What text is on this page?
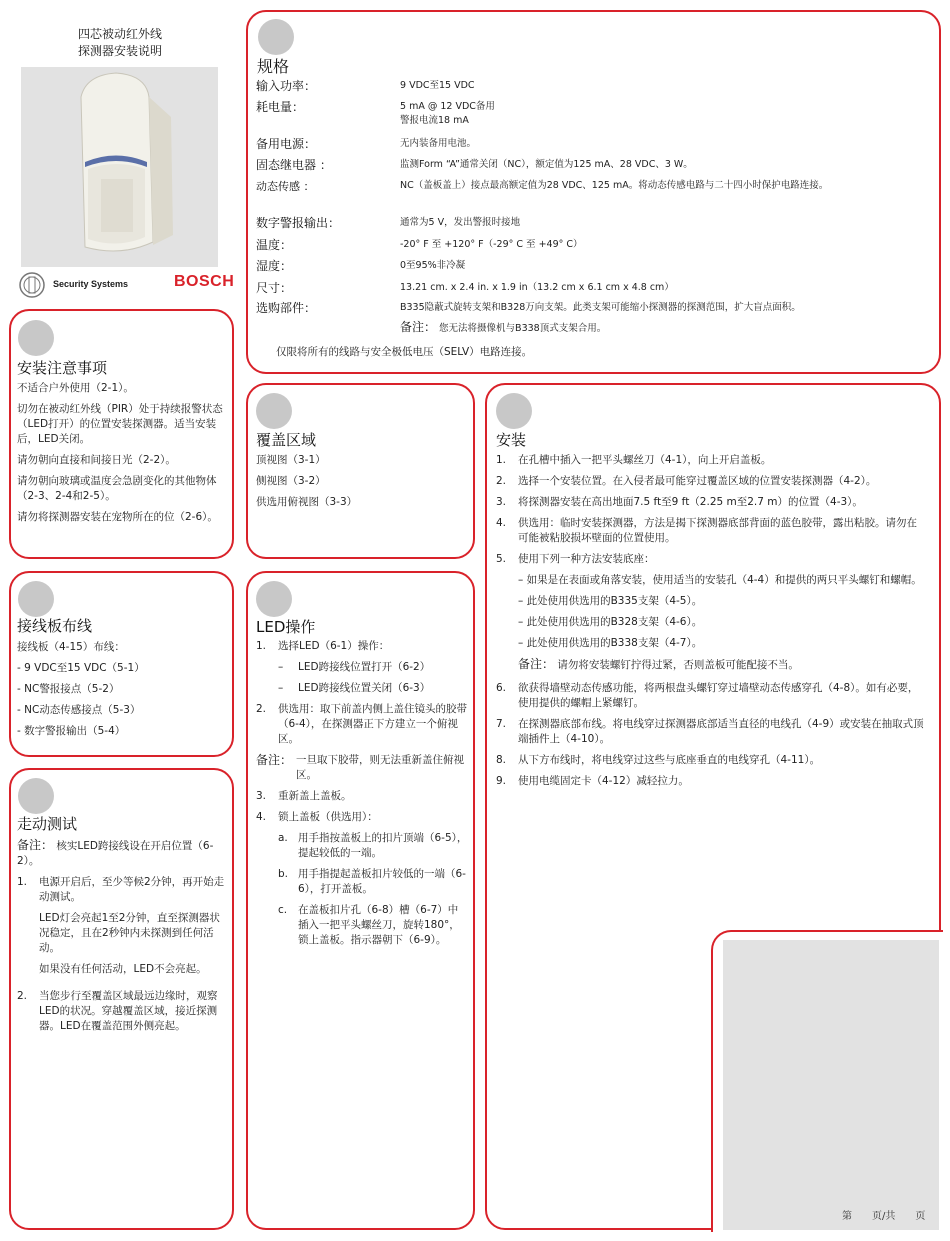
四芯被动红外线
探测器安装说明
Security Systems	BOSCH
规格
输入功率：	9 VDC至15 VDC
耗电量：	5 mA @ 12 VDC备用
警报电流18 mA
备用电源：	无内装备用电池。
固态继电器 ：	监测Form “A”通常关闭（NC），额定值为125 mA、28 VDC、3 W。
动态传感 ：	NC（盖板盖上）接点最高额定值为28 VDC、125 mA。将动态传感电路与二十四小时保护电路连接。
数字警报输出：	通常为5 V，发出警报时接地
温度：	-20° F 至 +120° F（-29° C 至 +49° C）
湿度：	0至95%非冷凝
尺寸：	13.21 cm. x 2.4 in. x 1.9 in（13.2 cm x 6.1 cm x 4.8 cm）
选购部件：	B335隐蔽式旋转支架和B328万向支架。此类支架可能缩小探测器的探测范围，扩大盲点面积。
备注： 您无法将摄像机与B338顶式支架合用。
仅限将所有的线路与安全极低电压（SELV）电路连接。
安装注意事项

不适合户外使用（2-1）。

切勿在被动红外线（PIR）处于持续报警状态（LED打开）的位置安装探测器。适当安装后，LED关闭。

请勿朝向直接和间接日光（2-2）。

请勿朝向玻璃或温度会急剧变化的其他物体（2-3、2-4和2-5）。

请勿将探测器安装在宠物所在的位（2-6）。

接线板布线

接线板（4-15）布线：

- 9 VDC至15 VDC（5-1）

- NC警报接点（5-2）

- NC动态传感接点（5-3）

- 数字警报输出（5-4）

走动测试

备注： 核实LED跨接线设在开启位置（6-2）。

1.	电源开启后，至少等候2分钟，再开始走动测试。

LED灯会亮起1至2分钟，直至探测器状况稳定，且在2秒钟内未探测到任何活动。

如果没有任何活动，LED不会亮起。

2.	当您步行至覆盖区域最远边缘时，观察LED的状况。穿越覆盖区域，接近探测器。LED在覆盖范围外侧亮起。
覆盖区域

顶视图（3-1）

侧视图（3-2）

供选用俯视图（3-3）

LED操作
1.	选择LED（6-1）操作：
–	LED跨接线位置打开（6-2）
–	LED跨接线位置关闭（6-3）
2.	供选用：取下前盖内侧上盖住镜头的胶带（6-4），在探测器正下方建立一个俯视区。
备注： 一旦取下胶带，则无法重新盖住俯视区。
3.	重新盖上盖板。
4.	锁上盖板（供选用）：
a. 用手指按盖板上的扣片顶端（6-5），提起较低的一端。
b. 用手指提起盖板扣片较低的一端（6-6），打开盖板。
c.	在盖板扣片孔（6-8）槽（6-7）中插入一把平头螺丝刀，旋转180°，锁上盖板。指示器朝下（6-9）。
安装
1.	在孔槽中插入一把平头螺丝刀（4-1），向上开启盖板。
2.	选择一个安装位置。在入侵者最可能穿过覆盖区域的位置安装探测器（4-2）。
3.	将探测器安装在高出地面7.5 ft至9 ft（2.25 m至2.7 m）的位置（4-3）。
4.	供选用：临时安装探测器，方法是揭下探测器底部背面的蓝色胶带，露出粘胶。请勿在可能被粘胶损坏壁面的位置使用。
5.	使用下列一种方法安装底座：
– 如果是在表面或角落安装，使用适当的安装孔（4-4）和提供的两只平头螺钉和螺帽。
– 此处使用供选用的B335支架（4-5）。
– 此处使用供选用的B328支架（4-6）。
– 此处使用供选用的B338支架（4-7）。
备注： 请勿将安装螺钉拧得过紧，否则盖板可能配接不当。
6.	欲获得墙壁动态传感功能，将两根盘头螺钉穿过墙壁动态传感穿孔（4-8）。如有必要，使用提供的螺帽上紧螺钉。
7.	在探测器底部布线。将电线穿过探测器底部适当直径的电线孔（4-9）或安装在抽取式顶端插件上（4-10）。
8.	从下方布线时，将电线穿过这些与底座垂直的电线穿孔（4-11）。
9.	使用电缆固定卡（4-12）减轻拉力。
第　　页/共　　页
